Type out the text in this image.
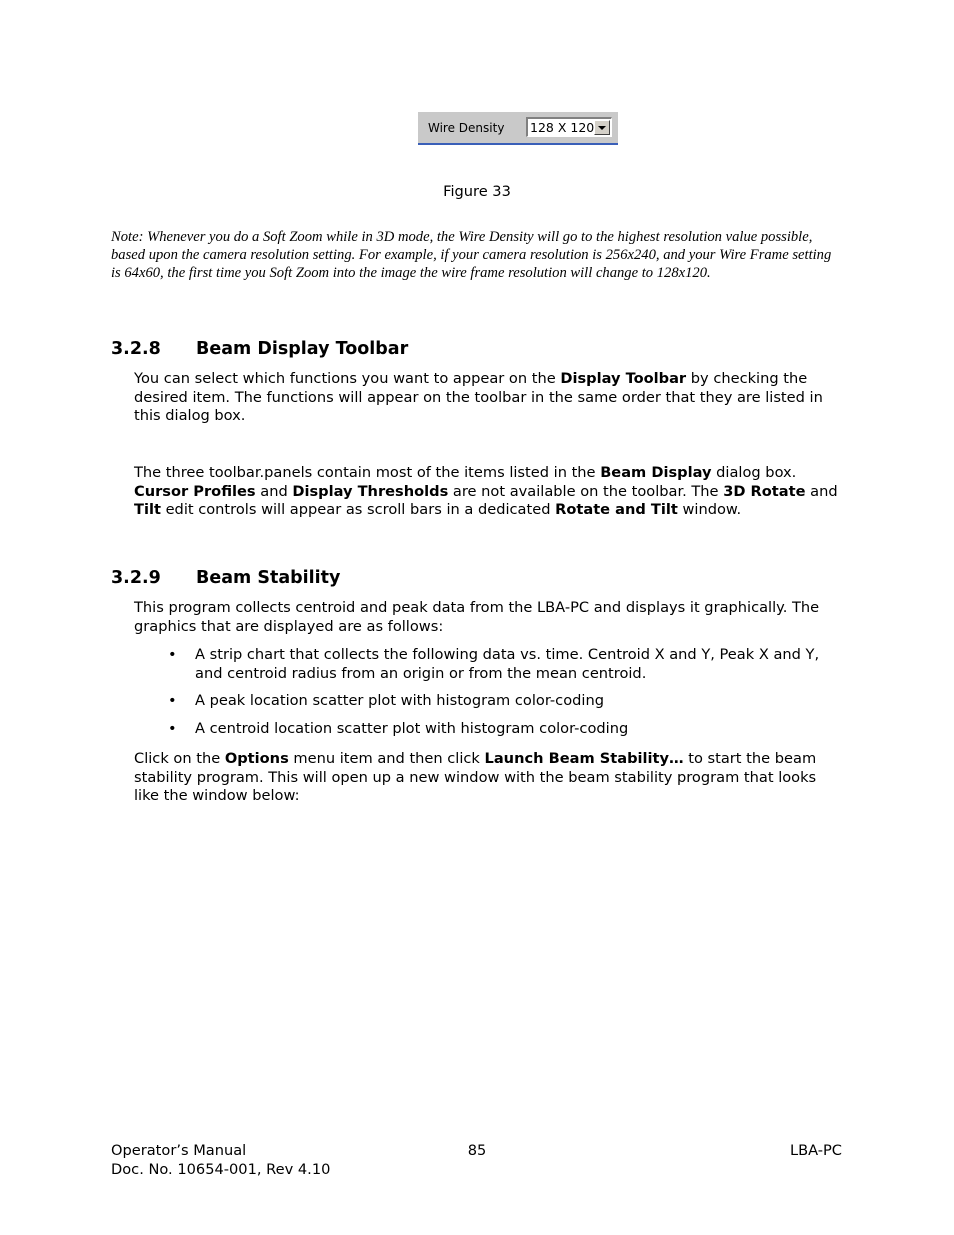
Wire Density 128 X 120
Figure 33
Note: Whenever you do a Soft Zoom while in 3D mode, the Wire Density will go to the highest resolution value possible, based upon the camera resolution setting. For example, if your camera resolution is 256x240, and your Wire Frame setting is 64x60, the first time you Soft Zoom into the image the wire frame resolution will change to 128x120.
3.2.8 Beam Display Toolbar
You can select which functions you want to appear on the Display Toolbar by checking the desired item. The functions will appear on the toolbar in the same order that they are listed in this dialog box.
The three toolbar.panels contain most of the items listed in the Beam Display dialog box. Cursor Profiles and Display Thresholds are not available on the toolbar. The 3D Rotate and Tilt edit controls will appear as scroll bars in a dedicated Rotate and Tilt window.
3.2.9 Beam Stability
This program collects centroid and peak data from the LBA-PC and displays it graphically. The graphics that are displayed are as follows:
• A strip chart that collects the following data vs. time. Centroid X and Y, Peak X and Y, and centroid radius from an origin or from the mean centroid.
• A peak location scatter plot with histogram color-coding
• A centroid location scatter plot with histogram color-coding
Click on the Options menu item and then click Launch Beam Stability… to start the beam stability program. This will open up a new window with the beam stability program that looks like the window below:
Operator’s Manual
Doc. No. 10654-001, Rev 4.10
85	LBA-PC
